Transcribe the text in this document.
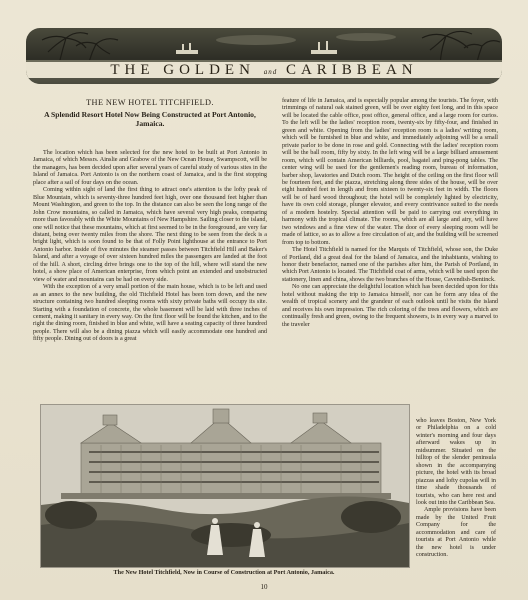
THE GOLDEN and CARIBBEAN
THE NEW HOTEL TITCHFIELD.
A Splendid Resort Hotel Now Being Constructed at Port Antonio, Jamaica.

The location which has been selected for the new hotel to be built at Port Antonio in Jamaica, of which Messrs. Ainslie and Grabow of the New Ocean House, Swampscott, will be the managers, has been decided upon after several years of careful study of various sites in the Island of Jamaica. Port Antonio is on the northern coast of Jamaica, and is the first stopping place after a sail of four days on the ocean.

Coming within sight of land the first thing to attract one's attention is the lofty peak of Blue Mountain, which is seventy-three hundred feet high, over one thousand feet higher than Mount Washington, and green to the top. In the distance can also be seen the long range of the John Crow mountains, so called in Jamaica, which have several very high peaks, comparing more than favorably with the White Mountains of New Hampshire. Sailing closer to the island, one will notice that these mountains, which at first seemed to be in the foreground, are very far distant, being over twenty miles from the shore. The next thing to be seen from the deck is a bright light, which is soon found to be that of Folly Point lighthouse at the entrance to Port Antonio harbor. Inside of five minutes the steamer passes between Titchfield Hill and Baker's Island, and after a voyage of over sixteen hundred miles the passengers are landed at the foot of the hill. A short, circling drive brings one to the top of the hill, where will stand the new hotel, a show place of American enterprise, from which point an extended and unobstructed view of water and mountains can be had on every side.

With the exception of a very small portion of the main house, which is to be left and used as an annex to the new building, the old Titchfield Hotel has been torn down, and the new structure containing two hundred sleeping rooms with sixty private baths will occupy its site. Starting with a foundation of concrete, the whole basement will be laid with three inches of cement, making it sanitary in every way. On the first floor will be found the kitchen, and to the right the dining room, finished in blue and white, will have a seating capacity of three hundred people. There will also be a dining piazza which will easily accommodate one hundred and fifty people. Dining out of doors is a great

feature of life in Jamaica, and is especially popular among the tourists. The foyer, with trimmings of natural oak stained green, will be over eighty feet long, and in this space will be located the cable office, post office, general office, and a large room for curios. To the left will be the ladies' reception room, twenty-six by fifty-four, and finished in green and white. Opening from the ladies' reception room is a ladies' writing room, which will be furnished in blue and white, and immediately adjoining will be a small private parlor to be done in rose and gold. Connecting with the ladies' reception room will be the ball room, fifty by sixty. In the left wing will be a large billiard amusement room, which will contain American billiards, pool, bagatel and ping-pong tables. The center wing will be used for the gentlemen's reading room, bureau of information, barber shop, lavatories and Dutch room. The height of the ceiling on the first floor will be fourteen feet, and the piazza, stretching along three sides of the house, will be over eight hundred feet in length and from sixteen to twenty-six feet in width. The floors will be of hard wood throughout; the hotel will be completely lighted by electricity, have its own cold storage, plunger elevator, and every contrivance suited to the needs of a modern hostelry. Special attention will be paid to carrying out everything in harmony with the tropical climate. The rooms, which are all large and airy, will have two windows and a fine view of the water. The door of every sleeping room will be made of lattice, so as to allow a free circulation of air, and the building will be screened from top to bottom.

The Hotel Titchfield is named for the Marquis of Titchfield, whose son, the Duke of Portland, did a great deal for the Island of Jamaica, and the inhabitants, wishing to honor their benefactor, named one of the parishes after him, the Parish of Portland, in which Port Antonio is located. The Titchfield coat of arms, which will be used upon the stationery, linen and china, shows the two branches of the House, Cavendish-Bentinck.

No one can appreciate the delightful location which has been decided upon for this hotel without making the trip to Jamaica himself, nor can he form any idea of the wealth of tropical scenery and the grandeur of each outlook until he visits the island and receives his own impression. The rich coloring of the trees and flowers, which are continually fresh and green, owing to the frequent showers, is in every way a marvel to the traveler

who leaves Boston, New York or Philadelphia on a cold winter's morning and four days afterward wakes up in midsummer. Situated on the hilltop of the slender peninsula shown in the accompanying picture, the hotel with its broad piazzas and lofty cupolas will in time shade thousands of tourists, who can here rest and look out into the Caribbean Sea.

Ample provisions have been made by the United Fruit Company for the accommodation and care of tourists at Port Antonio while the new hotel is under construction.

The New Hotel Titchfield, Now in Course of Construction at Port Antonio, Jamaica.
10
